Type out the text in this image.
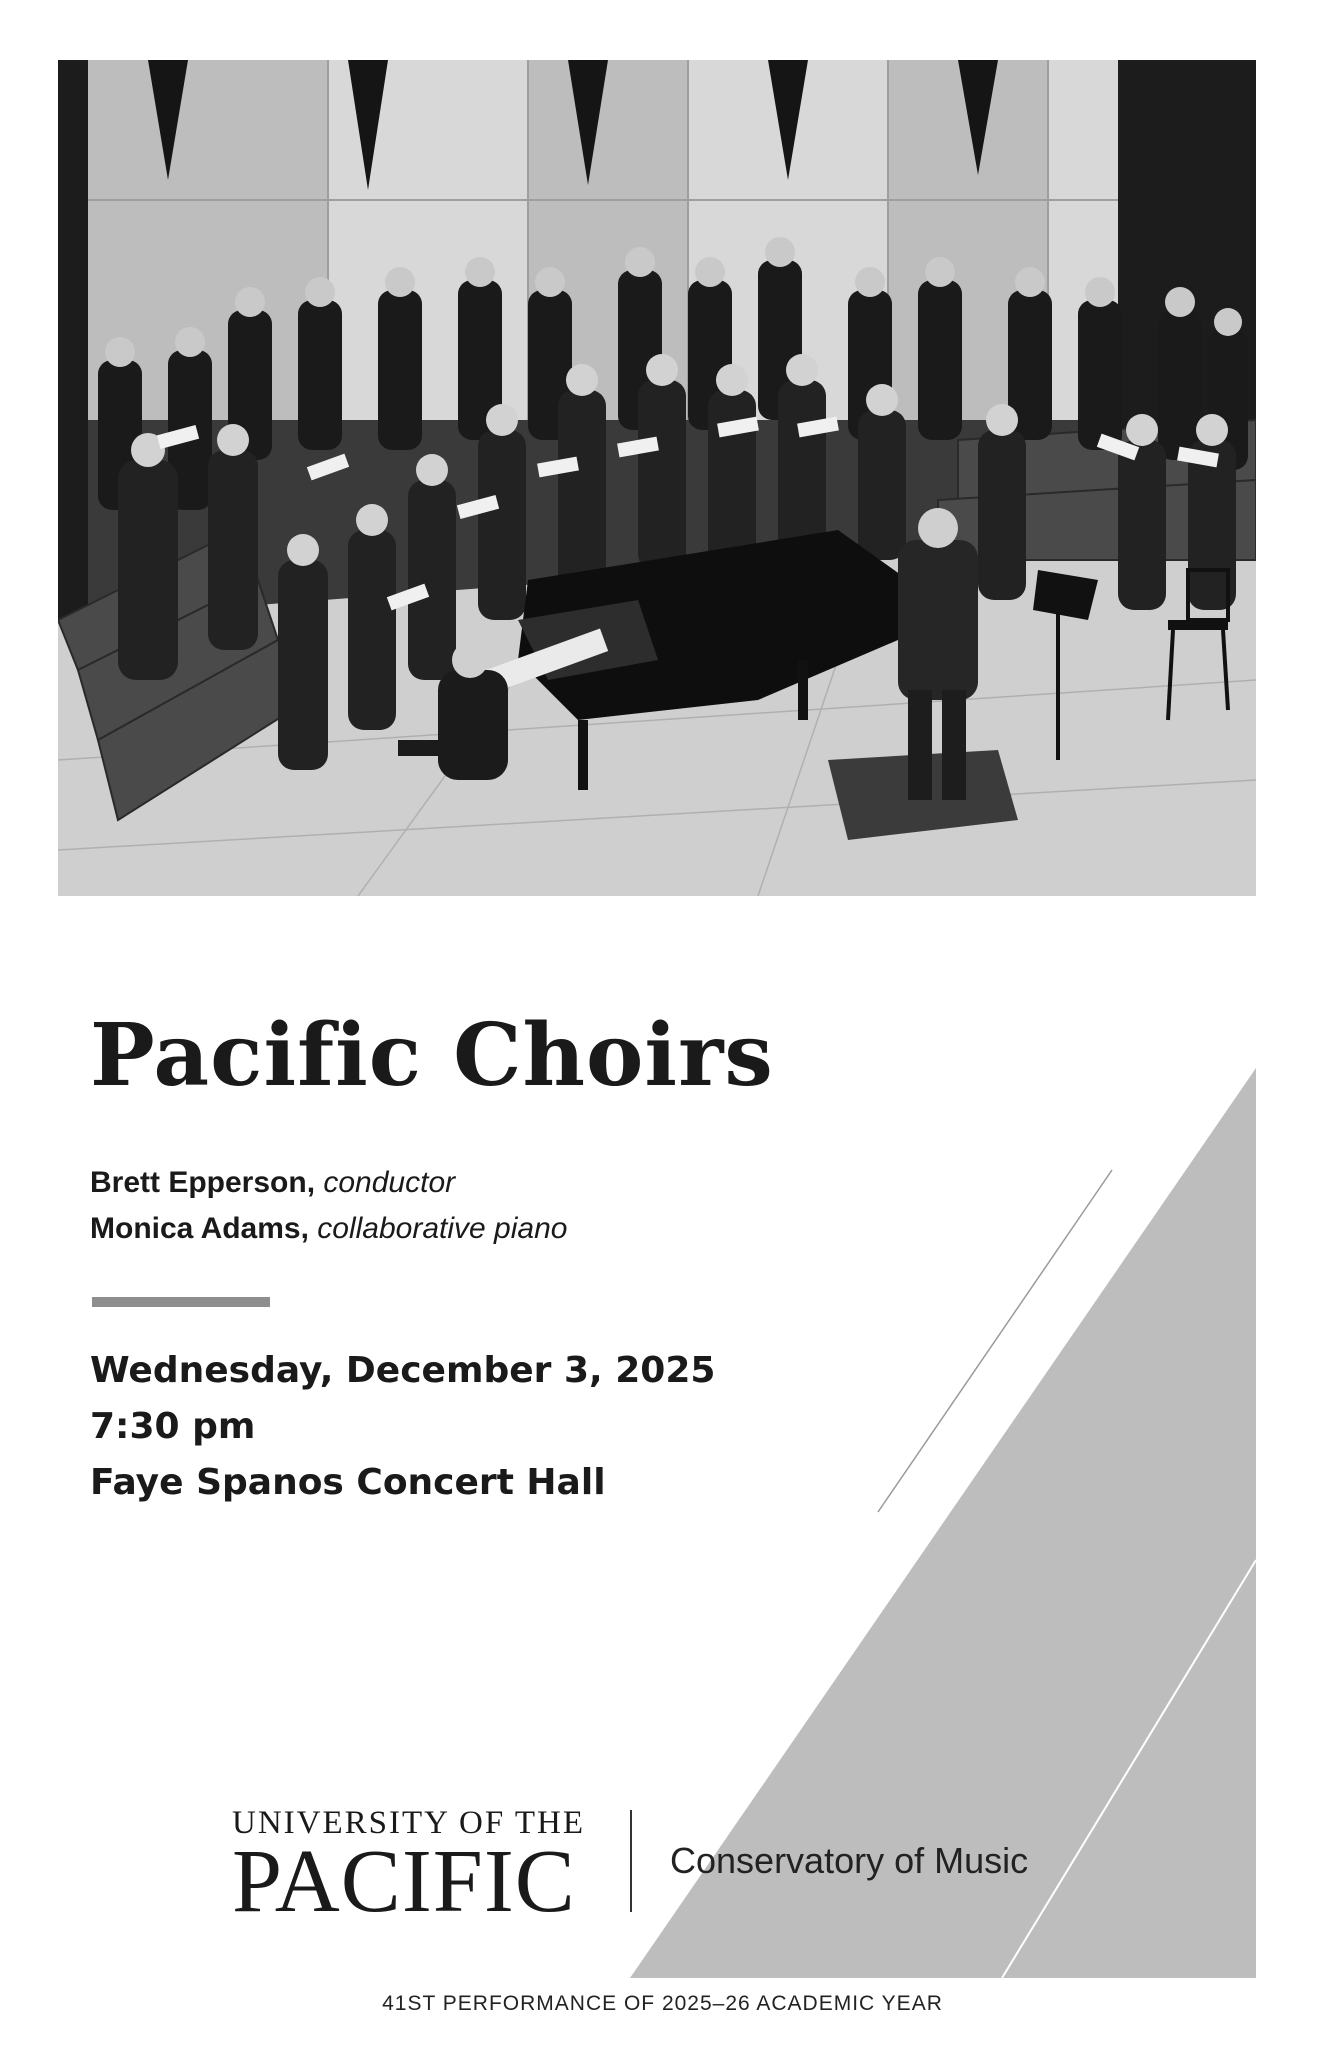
Pacific Choirs
Brett Epperson, conductor
Monica Adams, collaborative piano
Wednesday, December 3, 2025
7:30 pm
Faye Spanos Concert Hall
UNIVERSITY OF THE
PACIFIC	Conservatory of Music
41ST PERFORMANCE OF 2025–26 ACADEMIC YEAR
